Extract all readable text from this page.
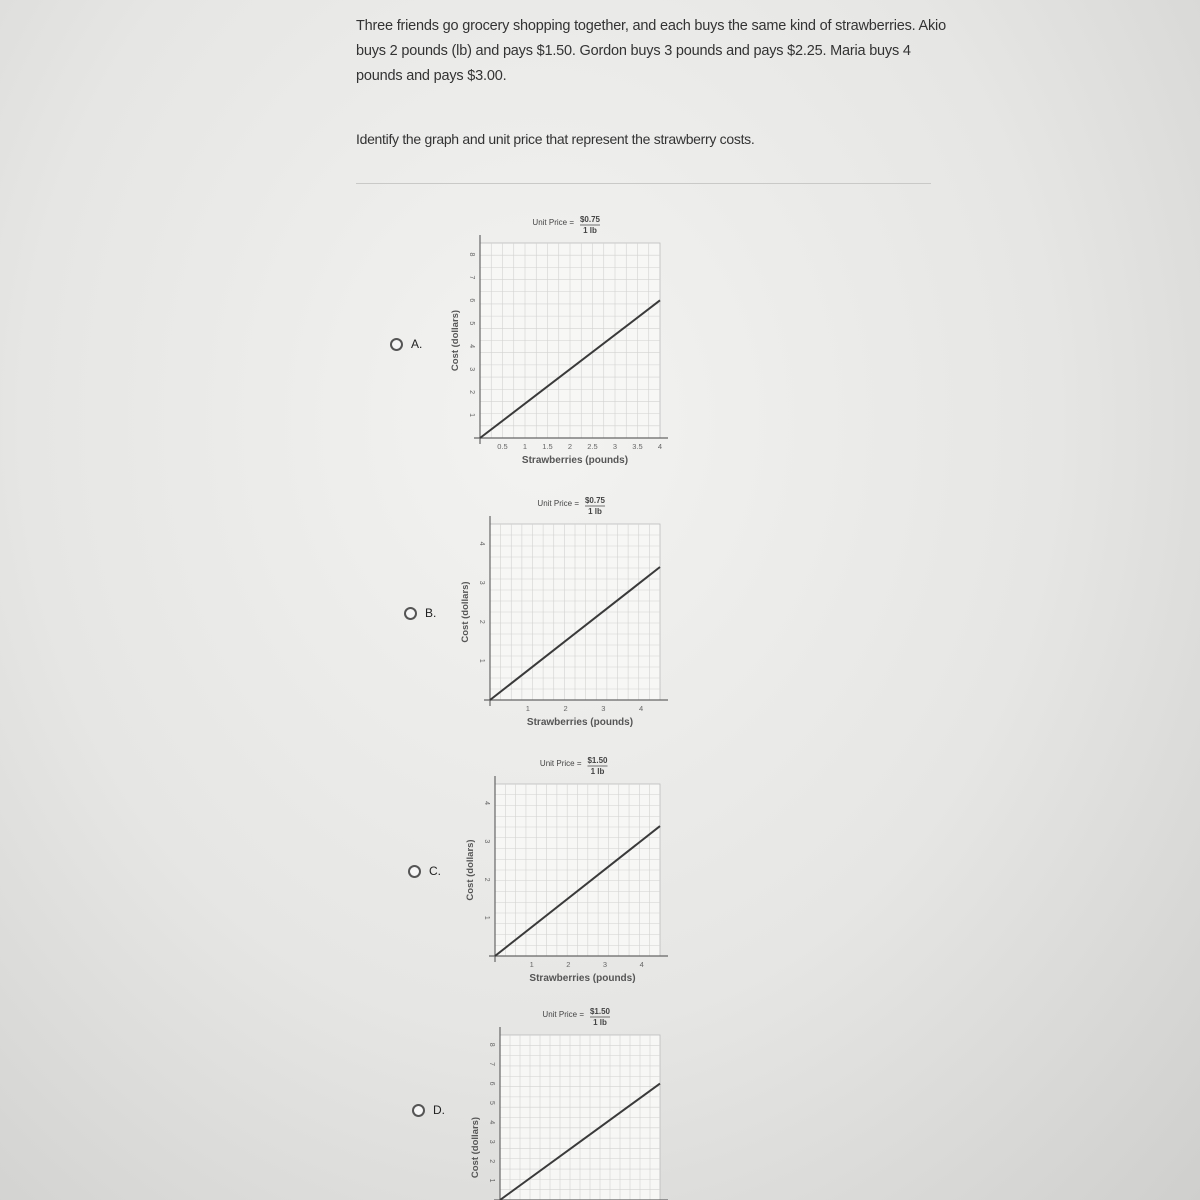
Three friends go grocery shopping together, and each buys the same kind of strawberries. Akio buys 2 pounds (lb) and pays $1.50. Gordon buys 3 pounds and pays $2.25. Maria buys 4 pounds and pays $3.00.
Identify the graph and unit price that represent the strawberry costs.
A.
Unit Price = $0.75
1 lb
0.5 1 1.5 2 2.5 3 3.5 4
1
2
3
4
5
6
7
8
Strawberries (pounds)
Cost (dollars)
B.
Unit Price = $0.75
1 lb
1	2	3	4
1
2
3
4
Strawberries (pounds)
Cost (dollars)
C.
Unit Price = $1.50
1 lb
1	2	3	4
1
2
3
4
Strawberries (pounds)
Cost (dollars)
D.
Unit Price = $1.50
1 lb
1
2
3
4
5
6
7
8
Cost (dollars)
